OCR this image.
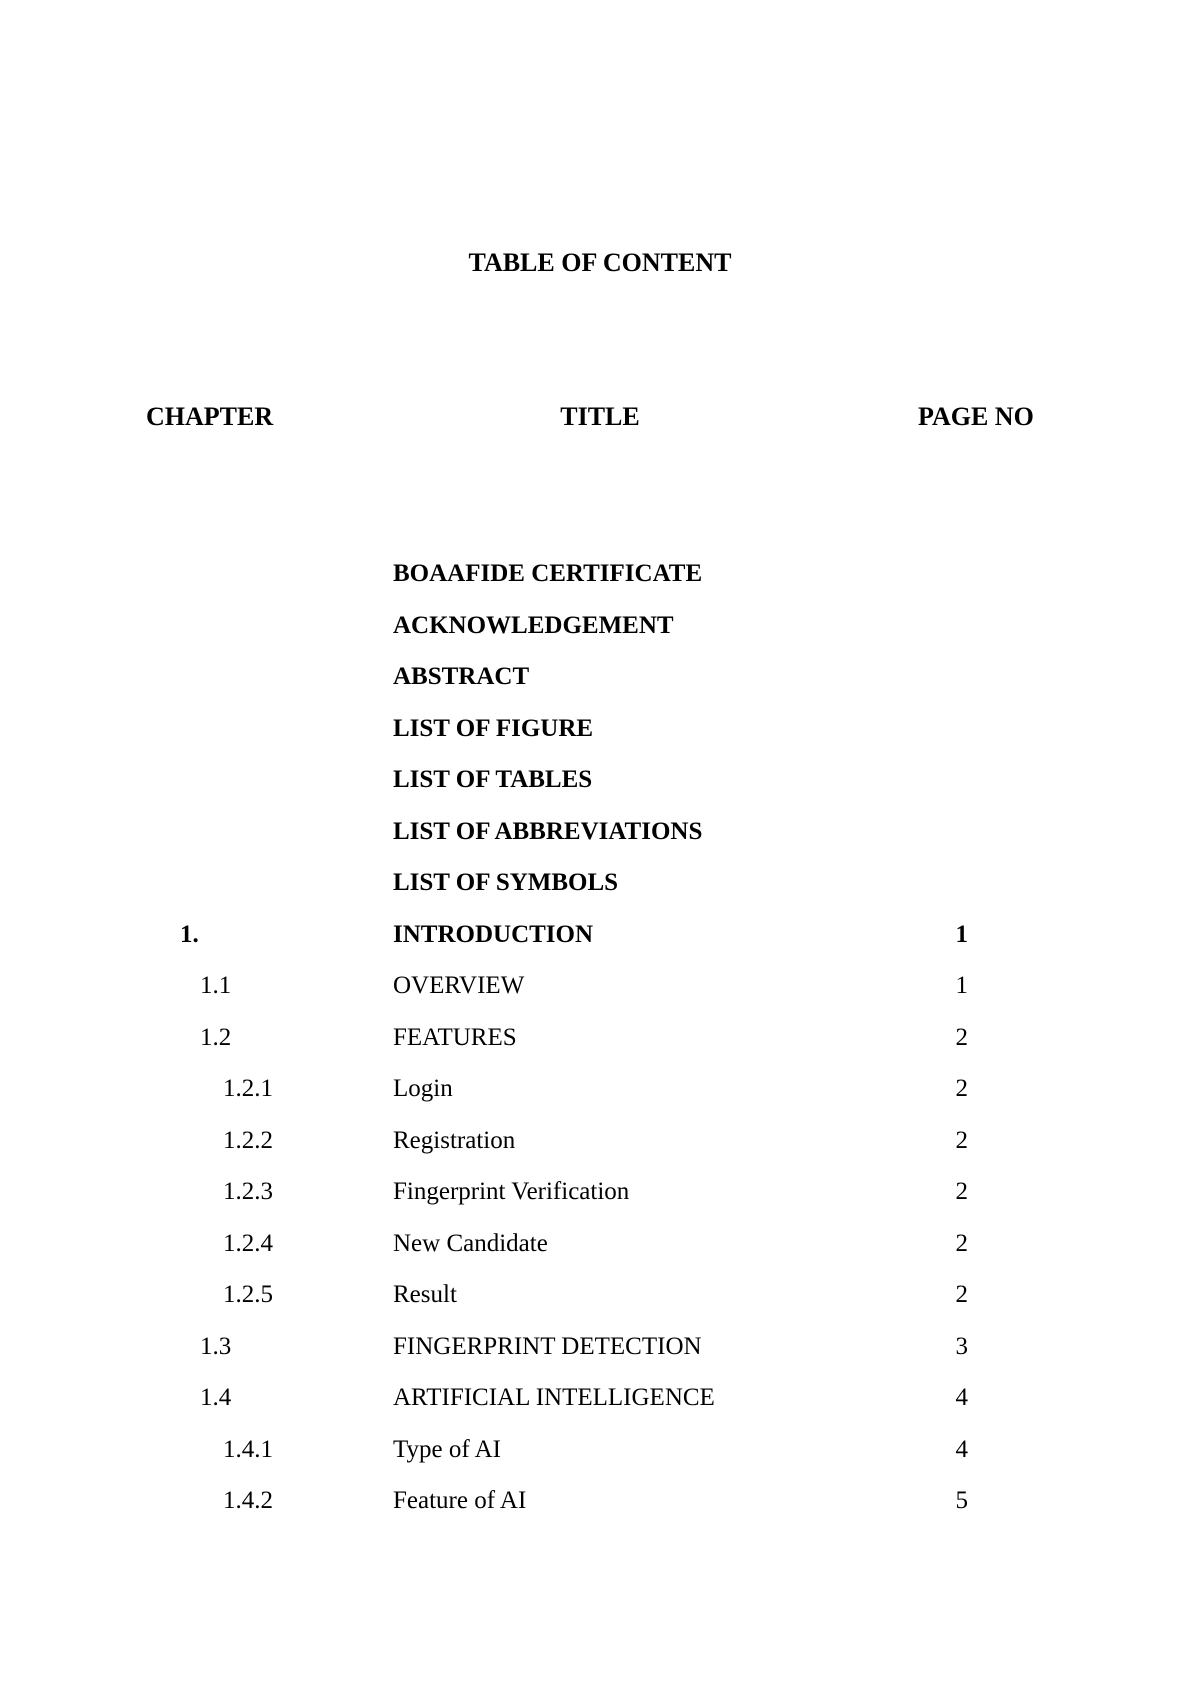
TABLE OF CONTENT
CHAPTER	TITLE	PAGE NO
BOAAFIDE CERTIFICATE
ACKNOWLEDGEMENT
ABSTRACT
LIST OF FIGURE
LIST OF TABLES
LIST OF ABBREVIATIONS
LIST OF SYMBOLS
1.	INTRODUCTION	1
1.1	OVERVIEW	1
1.2	FEATURES	2
1.2.1	Login	2
1.2.2	Registration	2
1.2.3	Fingerprint Verification	2
1.2.4	New Candidate	2
1.2.5	Result	2
1.3	FINGERPRINT DETECTION	3
1.4	ARTIFICIAL INTELLIGENCE	4
1.4.1	Type of AI	4
1.4.2	Feature of AI	5
